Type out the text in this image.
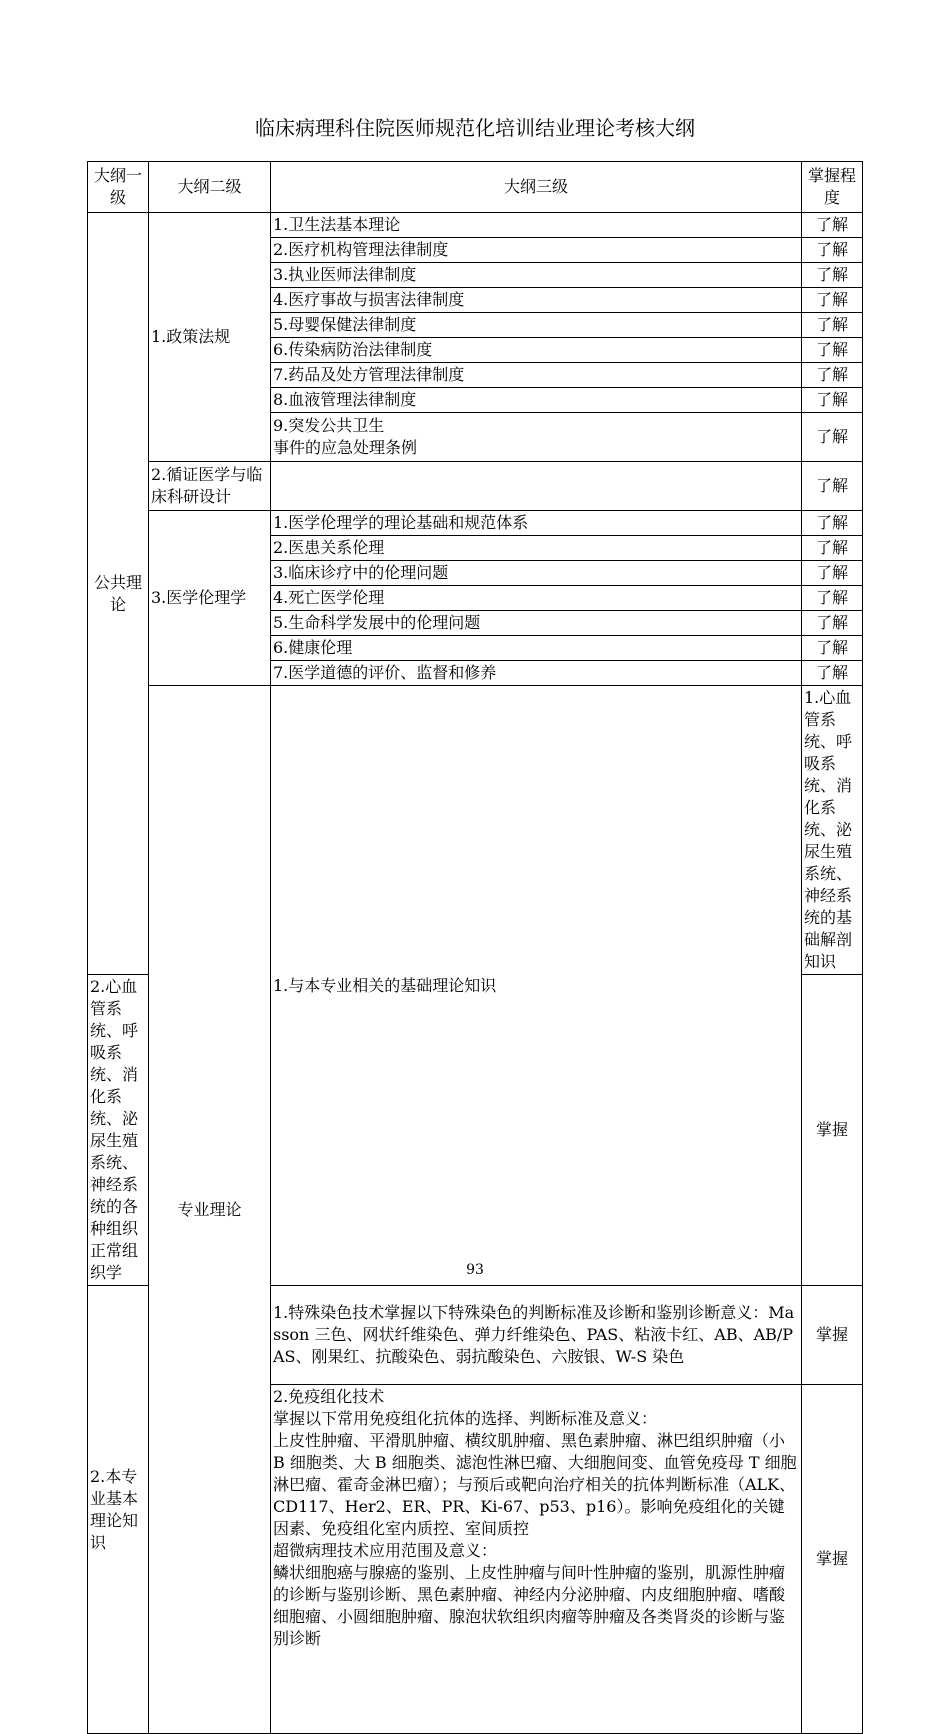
临床病理科住院医师规范化培训结业理论考核大纲
大纲一级	大纲二级	大纲三级	掌握程度	
公共理论	1.政策法规	1.卫生法基本理论	了解	
		2.医疗机构管理法律制度	了解	
		3.执业医师法律制度	了解	
		4.医疗事故与损害法律制度	了解	
		5.母婴保健法律制度	了解	
		6.传染病防治法律制度	了解	
		7.药品及处方管理法律制度	了解	
		8.血液管理法律制度	了解	

		9.突发公共卫生
事件的应急处理条例	了解	
	2.循证医学与临床科研设计		了解	
	3.医学伦理学	1.医学伦理学的理论基础和规范体系	了解	
		2.医患关系伦理	了解	
		3.临床诊疗中的伦理问题	了解	
		4.死亡医学伦理	了解	
		5.生命科学发展中的伦理问题	了解	
		6.健康伦理	了解	
		7.医学道德的评价、监督和修养	了解	
	专业理论	1.与本专业相关的基础理论知识	1.心血管系统、呼吸系统、消化系统、泌尿生殖系统、神经系统的基础解剖知识	
2.心血管系统、呼吸系统、消化系统、泌尿生殖系统、神经系统的各种组织正常组织学			掌握	
2.本专业基本理论知识		1.特殊染色技术掌握以下特殊染色的判断标准及诊断和鉴别诊断意义：Masson 三色、网状纤维染色、弹力纤维染色、PAS、粘液卡红、AB、AB/PAS、刚果红、抗酸染色、弱抗酸染色、六胺银、W-S 染色	掌握	

		2.免疫组化技术
掌握以下常用免疫组化抗体的选择、判断标准及意义：
上皮性肿瘤、平滑肌肿瘤、横纹肌肿瘤、黑色素肿瘤、淋巴组织肿瘤（小 B 细胞类、大 B 细胞类、滤泡性淋巴瘤、大细胞间变、血管免疫母 T 细胞淋巴瘤、霍奇金淋巴瘤）；与预后或靶向治疗相关的抗体判断标准（ALK、CD117、Her2、ER、PR、Ki-67、p53、p16）。影响免疫组化的关键因素、免疫组化室内质控、室间质控
超微病理技术应用范围及意义：
鳞状细胞癌与腺癌的鉴别、上皮性肿瘤与间叶性肿瘤的鉴别，肌源性肿瘤的诊断与鉴别诊断、黑色素肿瘤、神经内分泌肿瘤、内皮细胞肿瘤、嗜酸细胞瘤、小圆细胞肿瘤、腺泡状软组织肉瘤等肿瘤及各类肾炎的诊断与鉴别诊断	掌握	
93
